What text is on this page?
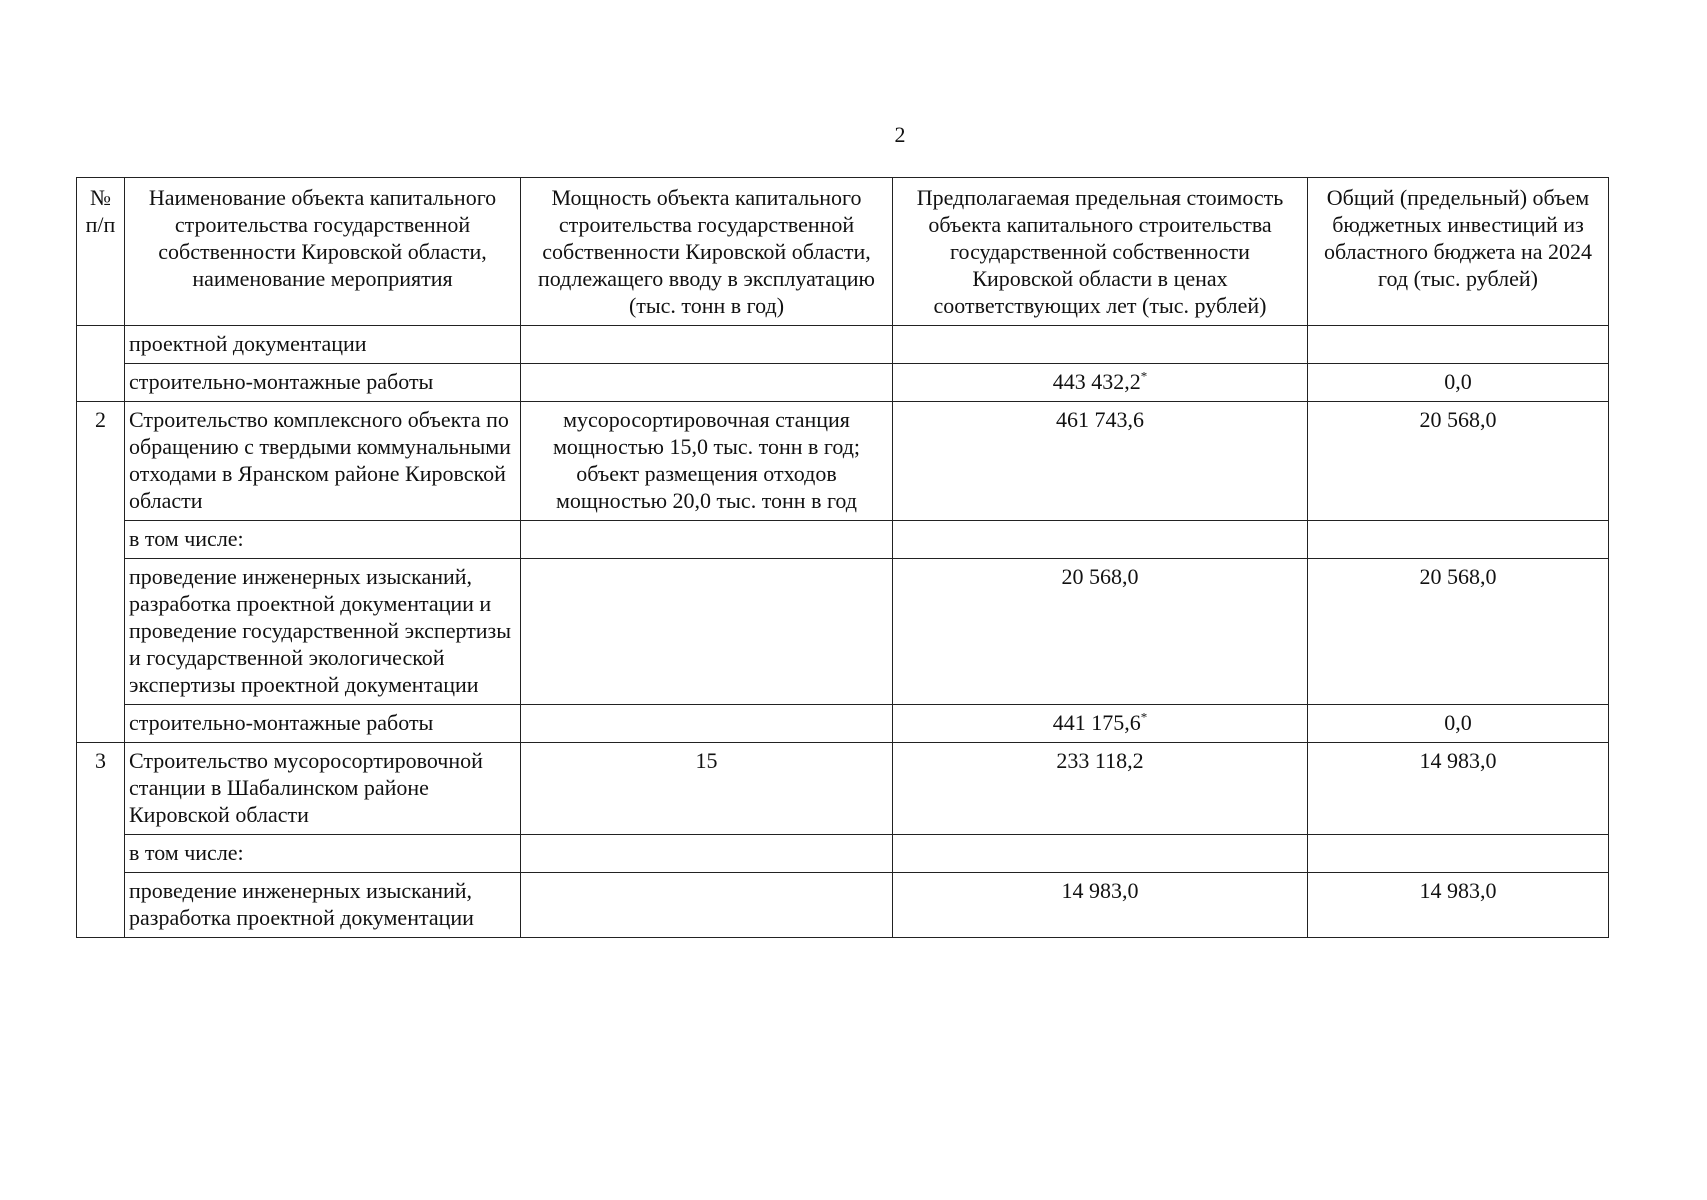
2
№ п/п	Наименование объекта капитального строительства государственной собственности Кировской области, наименование мероприятия	Мощность объекта капитального строительства государственной собственности Кировской области, подлежащего вводу в эксплуатацию (тыс. тонн в год)	Предполагаемая предельная стоимость объекта капитального строительства государственной собственности Кировской области в ценах соответствующих лет (тыс. рублей)	Общий (предельный) объем бюджетных инвестиций из областного бюджета на 2024 год (тыс. рублей)
	проектной документации			
	строительно-монтажные работы		443 432,2*	0,0
2	Строительство комплексного объекта по обращению с твердыми коммунальными отходами в Яранском районе Кировской области	мусоросортировочная станция мощностью 15,0 тыс. тонн в год; объект размещения отходов мощностью 20,0 тыс. тонн в год	461 743,6	20 568,0
	в том числе:			
	проведение инженерных изысканий, разработка проектной документации и проведение государственной экспертизы и государственной экологической экспертизы проектной документации		20 568,0	20 568,0
	строительно-монтажные работы		441 175,6*	0,0
3	Строительство мусоросортировочной станции в Шабалинском районе Кировской области	15	233 118,2	14 983,0
	в том числе:			
	проведение инженерных изысканий, разработка проектной документации		14 983,0	14 983,0
